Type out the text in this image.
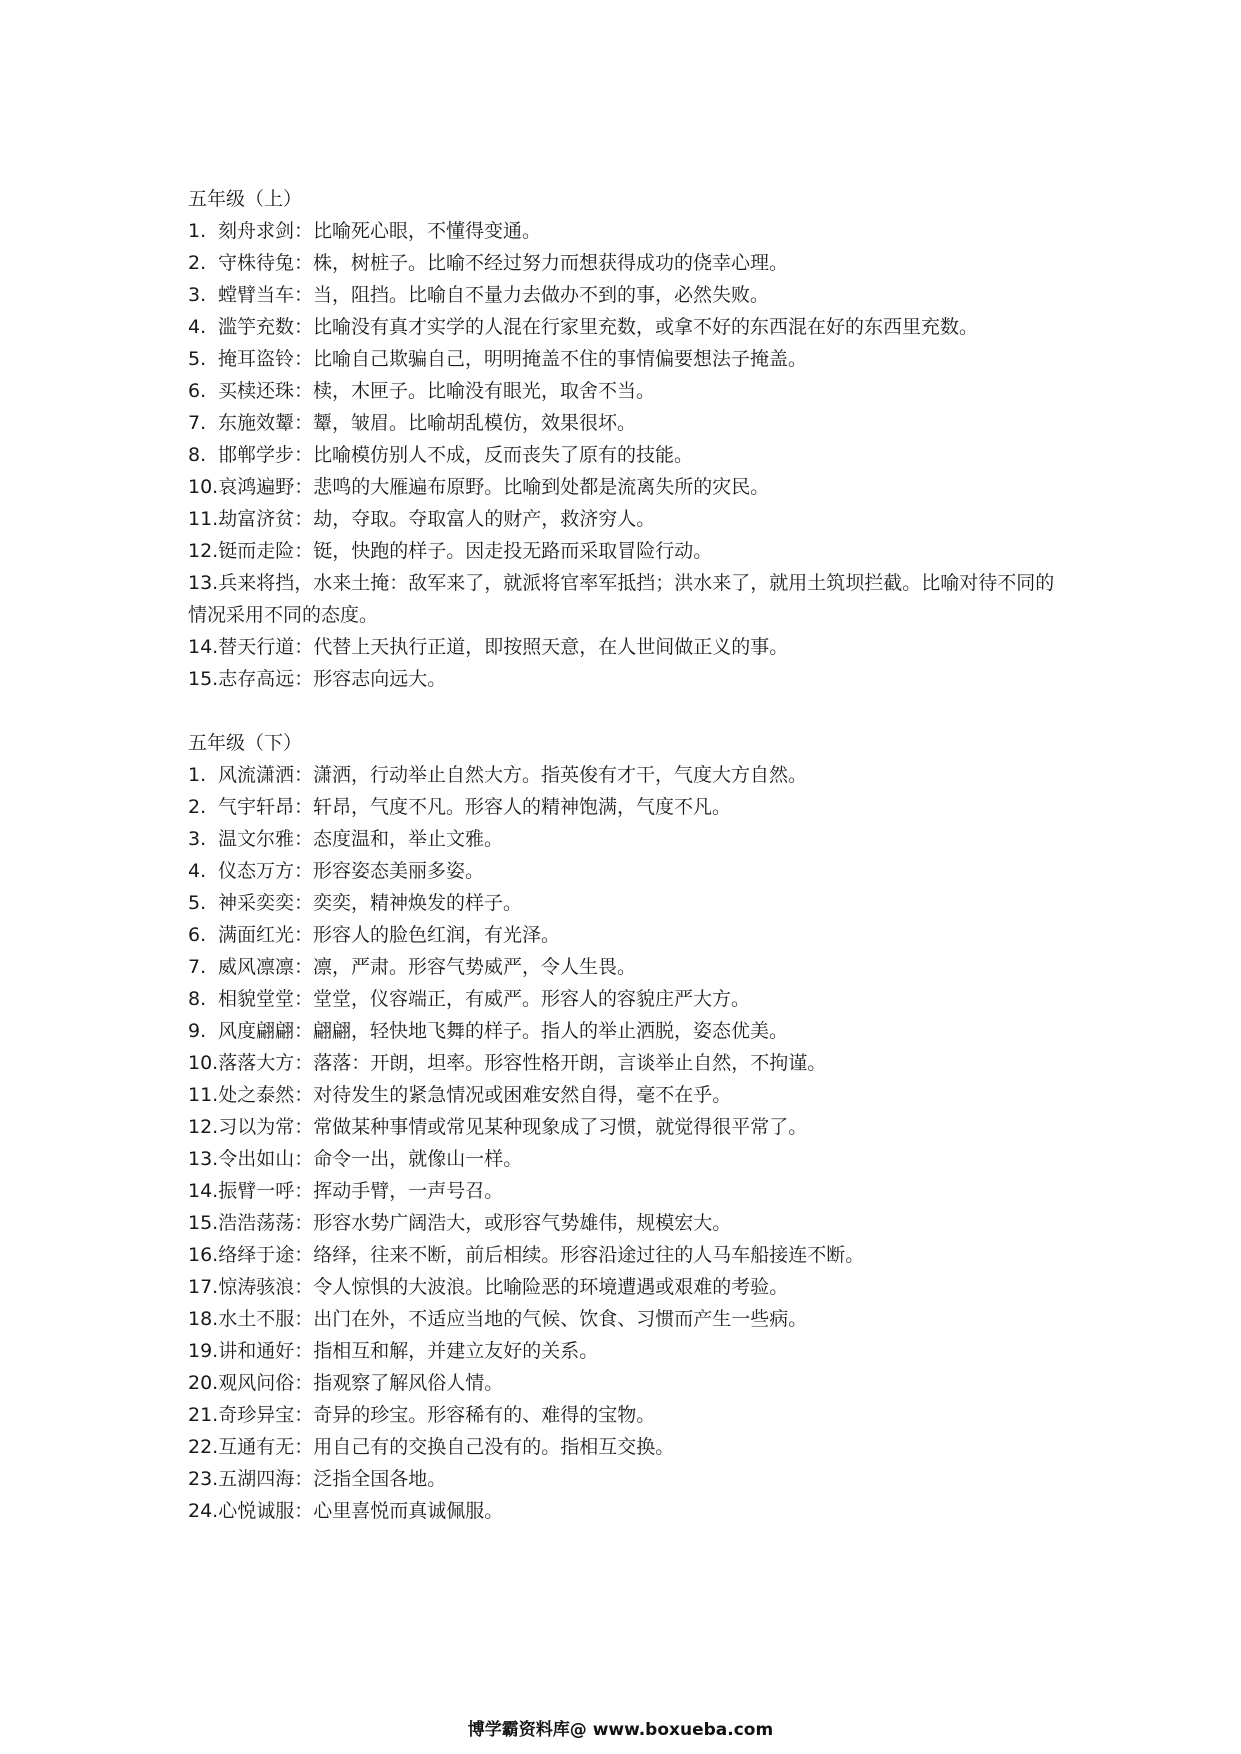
五年级（上）
1. 刻舟求剑：比喻死心眼，不懂得变通。
2. 守株待兔：株，树桩子。比喻不经过努力而想获得成功的侥幸心理。
3. 螳臂当车：当，阻挡。比喻自不量力去做办不到的事，必然失败。
4. 滥竽充数：比喻没有真才实学的人混在行家里充数，或拿不好的东西混在好的东西里充数。
5. 掩耳盗铃：比喻自己欺骗自己，明明掩盖不住的事情偏要想法子掩盖。
6. 买椟还珠：椟，木匣子。比喻没有眼光，取舍不当。
7. 东施效颦：颦，皱眉。比喻胡乱模仿，效果很坏。
8. 邯郸学步：比喻模仿别人不成，反而丧失了原有的技能。
10.哀鸿遍野：悲鸣的大雁遍布原野。比喻到处都是流离失所的灾民。
11.劫富济贫：劫，夺取。夺取富人的财产，救济穷人。
12.铤而走险：铤，快跑的样子。因走投无路而采取冒险行动。
13.兵来将挡，水来土掩：敌军来了，就派将官率军抵挡；洪水来了，就用土筑坝拦截。比喻对待不同的情况采用不同的态度。
14.替天行道：代替上天执行正道，即按照天意，在人世间做正义的事。
15.志存高远：形容志向远大。
五年级（下）
1. 风流潇洒：潇洒，行动举止自然大方。指英俊有才干，气度大方自然。
2. 气宇轩昂：轩昂，气度不凡。形容人的精神饱满，气度不凡。
3. 温文尔雅：态度温和，举止文雅。
4. 仪态万方：形容姿态美丽多姿。
5. 神采奕奕：奕奕，精神焕发的样子。
6. 满面红光：形容人的脸色红润，有光泽。
7. 威风凛凛：凛，严肃。形容气势威严，令人生畏。
8. 相貌堂堂：堂堂，仪容端正，有威严。形容人的容貌庄严大方。
9. 风度翩翩：翩翩，轻快地飞舞的样子。指人的举止洒脱，姿态优美。
10.落落大方：落落：开朗，坦率。形容性格开朗，言谈举止自然，不拘谨。
11.处之泰然：对待发生的紧急情况或困难安然自得，毫不在乎。
12.习以为常：常做某种事情或常见某种现象成了习惯，就觉得很平常了。
13.令出如山：命令一出，就像山一样。
14.振臂一呼：挥动手臂，一声号召。
15.浩浩荡荡：形容水势广阔浩大，或形容气势雄伟，规模宏大。
16.络绎于途：络绎，往来不断，前后相续。形容沿途过往的人马车船接连不断。
17.惊涛骇浪：令人惊惧的大波浪。比喻险恶的环境遭遇或艰难的考验。
18.水土不服：出门在外，不适应当地的气候、饮食、习惯而产生一些病。
19.讲和通好：指相互和解，并建立友好的关系。
20.观风问俗：指观察了解风俗人情。
21.奇珍异宝：奇异的珍宝。形容稀有的、难得的宝物。
22.互通有无：用自己有的交换自己没有的。指相互交换。
23.五湖四海：泛指全国各地。
24.心悦诚服：心里喜悦而真诚佩服。
博学霸资料库@ www.boxueba.com
